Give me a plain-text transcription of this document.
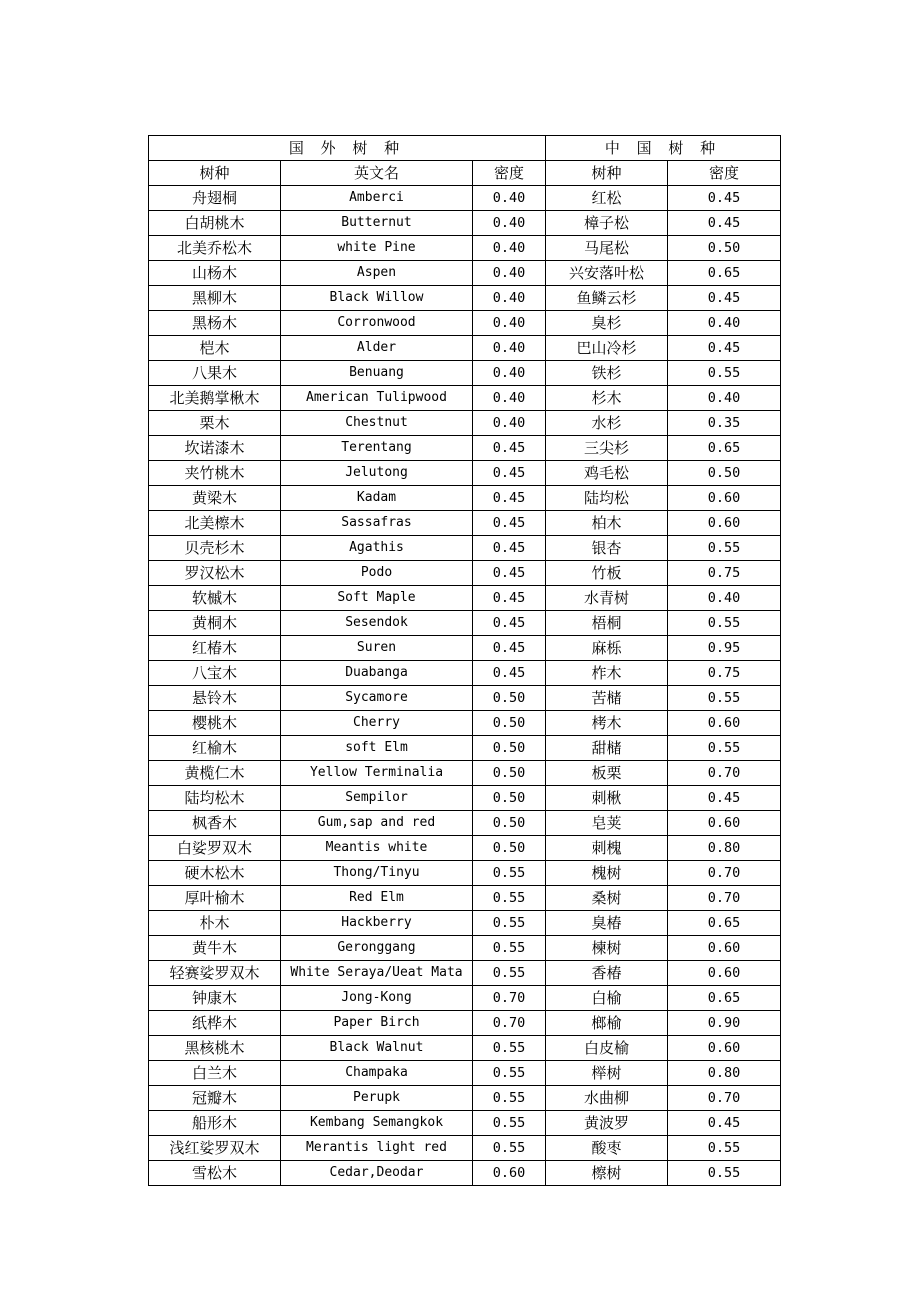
国 外 树 种			中 国 树 种	
树种	英文名	密度	树种	密度
舟翅桐	Amberci	0.40	红松	0.45
白胡桃木	Butternut	0.40	樟子松	0.45
北美乔松木	white Pine	0.40	马尾松	0.50
山杨木	Aspen	0.40	兴安落叶松	0.65
黑柳木	Black Willow	0.40	鱼鳞云杉	0.45
黑杨木	Corronwood	0.40	臭杉	0.40
桤木	Alder	0.40	巴山冷杉	0.45
八果木	Benuang	0.40	铁杉	0.55
北美鹅掌楸木	American Tulipwood	0.40	杉木	0.40
栗木	Chestnut	0.40	水杉	0.35
坎诺漆木	Terentang	0.45	三尖杉	0.65
夹竹桃木	Jelutong	0.45	鸡毛松	0.50
黄梁木	Kadam	0.45	陆均松	0.60
北美檫木	Sassafras	0.45	柏木	0.60
贝壳杉木	Agathis	0.45	银杏	0.55
罗汉松木	Podo	0.45	竹板	0.75
软槭木	Soft Maple	0.45	水青树	0.40
黄桐木	Sesendok	0.45	梧桐	0.55
红椿木	Suren	0.45	麻栎	0.95
八宝木	Duabanga	0.45	柞木	0.75
悬铃木	Sycamore	0.50	苦槠	0.55
樱桃木	Cherry	0.50	栲木	0.60
红榆木	soft Elm	0.50	甜槠	0.55
黄榄仁木	Yellow Terminalia	0.50	板栗	0.70
陆均松木	Sempilor	0.50	刺楸	0.45
枫香木	Gum,sap and red	0.50	皂荚	0.60
白娑罗双木	Meantis white	0.50	刺槐	0.80
硬木松木	Thong/Tinyu	0.55	槐树	0.70
厚叶榆木	Red Elm	0.55	桑树	0.70
朴木	Hackberry	0.55	臭椿	0.65
黄牛木	Geronggang	0.55	楝树	0.60
轻赛娑罗双木	White Seraya/Ueat Mata	0.55	香椿	0.60
钟康木	Jong-Kong	0.70	白榆	0.65
纸桦木	Paper Birch	0.70	榔榆	0.90
黑核桃木	Black Walnut	0.55	白皮榆	0.60
白兰木	Champaka	0.55	榉树	0.80
冠瓣木	Perupk	0.55	水曲柳	0.70
船形木	Kembang Semangkok	0.55	黄波罗	0.45
浅红娑罗双木	Merantis light red	0.55	酸枣	0.55
雪松木	Cedar,Deodar	0.60	檫树	0.55
